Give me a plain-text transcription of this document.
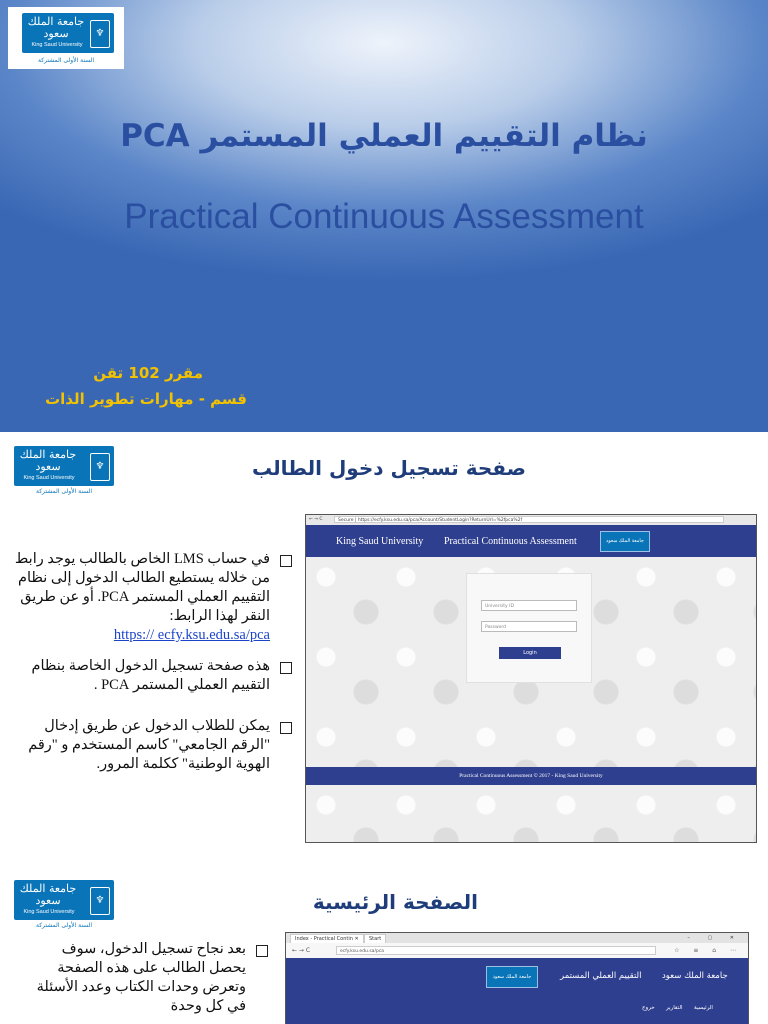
جامعة الملك سعود
King Saud University
♆
السنة الأولى المشتركة
نظام التقييم العملي المستمر PCA
Practical Continuous Assessment
مقرر 102 تقن
قسم - مهارات تطوير الذات
جامعة الملك سعود
King Saud University
♆
السنة الأولى المشتركة
صفحة تسجيل دخول الطالب
في حساب LMS الخاص بالطالب يوجد رابط من خلاله يستطيع الطالب الدخول إلى نظام التقييم العملي المستمر PCA. أو عن طريق النقر لهذا الرابط:
https:// ecfy.ksu.edu.sa/pca
هذه صفحة تسجيل الدخول الخاصة بنظام التقييم العملي المستمر PCA .
يمكن للطلاب الدخول عن طريق إدخال "الرقم الجامعي" كاسم المستخدم و "رقم الهوية الوطنية" ككلمة المرور.
← → C	Secure | https://ecfy.ksu.edu.sa/pca/Account/StudentLogin?ReturnUrl=%2fpca%2f
King Saud University Practical Continuous Assessment	جامعة الملك سعود
University ID
Password
Login
Practical Continuous Assessment © 2017 - King Saud University
جامعة الملك سعود
King Saud University
♆
السنة الأولى المشتركة
الصفحة الرئيسية
بعد نجاح تسجيل الدخول، سوف يحصل الطالب على هذه الصفحة وتعرض وحدات الكتاب وعدد الأسئلة في كل وحدة
Index - Practical Contin ✕	Start	– ▢ ✕
← → C	ecfy.ksu.edu.sa/pca	☆ ≡ ⌂ ⋯
جامعة الملك سعود	التقييم العملي المستمر جامعة الملك سعود
الرئيسية
التقارير
خروج
